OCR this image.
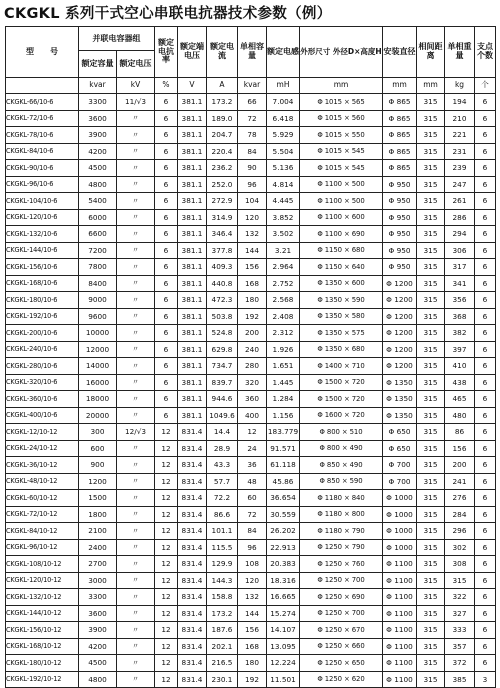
CKGKL 系列干式空心串联电抗器技术参数（例）
型　　号	并联电容器组		额定电抗率	额定端电压	额定电流	单相容量	额定电感	外形尺寸 外径D×高度H	安装直径	相间距离	单相重量	支点个数
	额定容量	额定电压										
	kvar	kV	%	V	A	kvar	mH	mm	mm	mm	kg	个
CKGKL-66/10-6	3300	11/√3	6	381.1	173.2	66	7.004	Φ 1015 × 565	Φ 865	315	194	6
CKGKL-72/10-6	3600	〃	6	381.1	189.0	72	6.418	Φ 1015 × 560	Φ 865	315	210	6
CKGKL-78/10-6	3900	〃	6	381.1	204.7	78	5.929	Φ 1015 × 550	Φ 865	315	221	6
CKGKL-84/10-6	4200	〃	6	381.1	220.4	84	5.504	Φ 1015 × 545	Φ 865	315	231	6
CKGKL-90/10-6	4500	〃	6	381.1	236.2	90	5.136	Φ 1015 × 545	Φ 865	315	239	6
CKGKL-96/10-6	4800	〃	6	381.1	252.0	96	4.814	Φ 1100 × 500	Φ 950	315	247	6
CKGKL-104/10-6	5400	〃	6	381.1	272.9	104	4.445	Φ 1100 × 500	Φ 950	315	261	6
CKGKL-120/10-6	6000	〃	6	381.1	314.9	120	3.852	Φ 1100 × 600	Φ 950	315	286	6
CKGKL-132/10-6	6600	〃	6	381.1	346.4	132	3.502	Φ 1100 × 690	Φ 950	315	294	6
CKGKL-144/10-6	7200	〃	6	381.1	377.8	144	3.21	Φ 1150 × 680	Φ 950	315	306	6
CKGKL-156/10-6	7800	〃	6	381.1	409.3	156	2.964	Φ 1150 × 640	Φ 950	315	317	6
CKGKL-168/10-6	8400	〃	6	381.1	440.8	168	2.752	Φ 1350 × 600	Φ 1200	315	341	6
CKGKL-180/10-6	9000	〃	6	381.1	472.3	180	2.568	Φ 1350 × 590	Φ 1200	315	356	6
CKGKL-192/10-6	9600	〃	6	381.1	503.8	192	2.408	Φ 1350 × 580	Φ 1200	315	368	6
CKGKL-200/10-6	10000	〃	6	381.1	524.8	200	2.312	Φ 1350 × 575	Φ 1200	315	382	6
CKGKL-240/10-6	12000	〃	6	381.1	629.8	240	1.926	Φ 1350 × 680	Φ 1200	315	397	6
CKGKL-280/10-6	14000	〃	6	381.1	734.7	280	1.651	Φ 1400 × 710	Φ 1200	315	410	6
CKGKL-320/10-6	16000	〃	6	381.1	839.7	320	1.445	Φ 1500 × 720	Φ 1350	315	438	6
CKGKL-360/10-6	18000	〃	6	381.1	944.6	360	1.284	Φ 1500 × 720	Φ 1350	315	465	6
CKGKL-400/10-6	20000	〃	6	381.1	1049.6	400	1.156	Φ 1600 × 720	Φ 1350	315	480	6
CKGKL-12/10-12	300	12/√3	12	831.4	14.4	12	183.779	Φ 800 × 510	Φ 650	315	86	6
CKGKL-24/10-12	600	〃	12	831.4	28.9	24	91.571	Φ 800 × 490	Φ 650	315	156	6
CKGKL-36/10-12	900	〃	12	831.4	43.3	36	61.118	Φ 850 × 490	Φ 700	315	200	6
CKGKL-48/10-12	1200	〃	12	831.4	57.7	48	45.86	Φ 850 × 590	Φ 700	315	241	6
CKGKL-60/10-12	1500	〃	12	831.4	72.2	60	36.654	Φ 1180 × 840	Φ 1000	315	276	6
CKGKL-72/10-12	1800	〃	12	831.4	86.6	72	30.559	Φ 1180 × 800	Φ 1000	315	284	6
CKGKL-84/10-12	2100	〃	12	831.4	101.1	84	26.202	Φ 1180 × 790	Φ 1000	315	296	6
CKGKL-96/10-12	2400	〃	12	831.4	115.5	96	22.913	Φ 1250 × 790	Φ 1000	315	302	6
CKGKL-108/10-12	2700	〃	12	831.4	129.9	108	20.383	Φ 1250 × 760	Φ 1100	315	308	6
CKGKL-120/10-12	3000	〃	12	831.4	144.3	120	18.316	Φ 1250 × 700	Φ 1100	315	315	6
CKGKL-132/10-12	3300	〃	12	831.4	158.8	132	16.665	Φ 1250 × 690	Φ 1100	315	322	6
CKGKL-144/10-12	3600	〃	12	831.4	173.2	144	15.274	Φ 1250 × 700	Φ 1100	315	327	6
CKGKL-156/10-12	3900	〃	12	831.4	187.6	156	14.107	Φ 1250 × 670	Φ 1100	315	333	6
CKGKL-168/10-12	4200	〃	12	831.4	202.1	168	13.095	Φ 1250 × 660	Φ 1100	315	357	6
CKGKL-180/10-12	4500	〃	12	831.4	216.5	180	12.224	Φ 1250 × 650	Φ 1100	315	372	6
CKGKL-192/10-12	4800	〃	12	831.4	230.1	192	11.501	Φ 1250 × 620	Φ 1100	315	385	3
